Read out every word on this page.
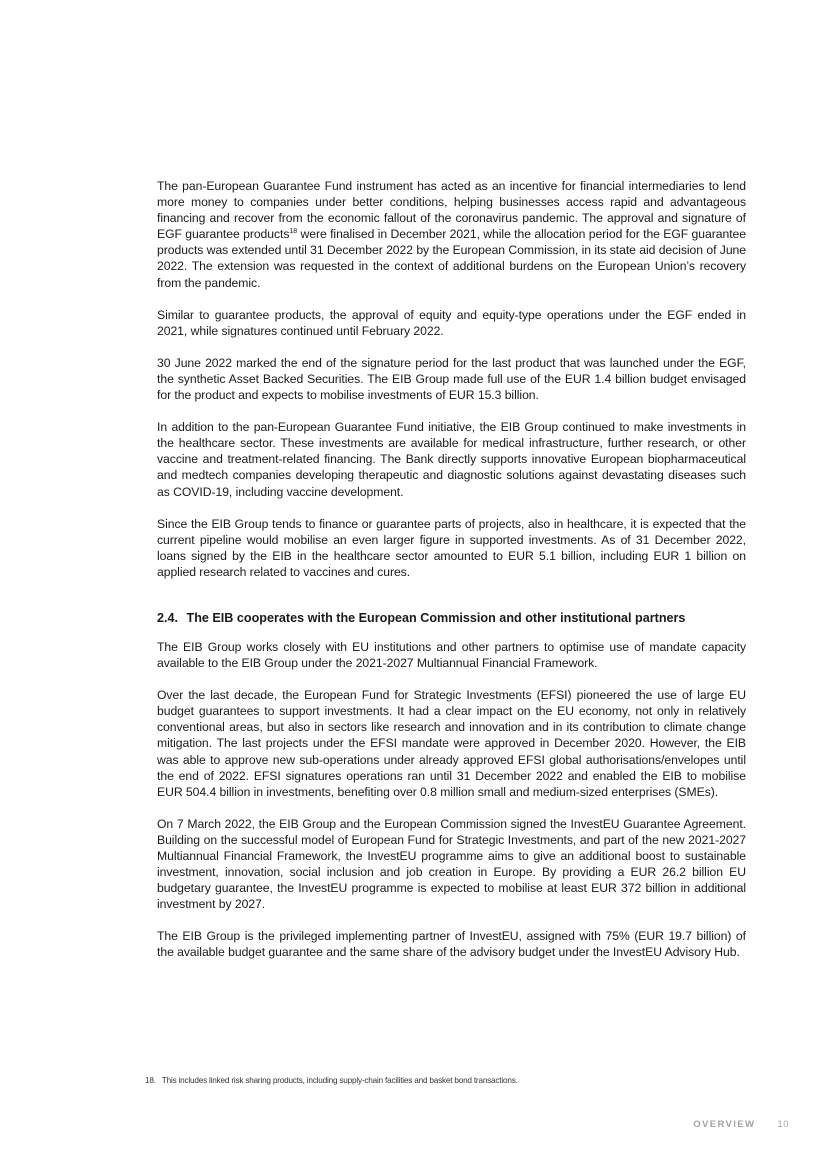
The pan-European Guarantee Fund instrument has acted as an incentive for financial intermediaries to lend more money to companies under better conditions, helping businesses access rapid and advantageous financing and recover from the economic fallout of the coronavirus pandemic. The approval and signature of EGF guarantee products$^{18}$ were finalised in December 2021, while the allocation period for the EGF guarantee products was extended until 31 December 2022 by the European Commission, in its state aid decision of June 2022. The extension was requested in the context of additional burdens on the European Union’s recovery from the pandemic.

Similar to guarantee products, the approval of equity and equity-type operations under the EGF ended in 2021, while signatures continued until February 2022.

30 June 2022 marked the end of the signature period for the last product that was launched under the EGF, the synthetic Asset Backed Securities. The EIB Group made full use of the EUR 1.4 billion budget envisaged for the product and expects to mobilise investments of EUR 15.3 billion.

In addition to the pan-European Guarantee Fund initiative, the EIB Group continued to make investments in the healthcare sector. These investments are available for medical infrastructure, further research, or other vaccine and treatment-related financing. The Bank directly supports innovative European biopharmaceutical and medtech companies developing therapeutic and diagnostic solutions against devastating diseases such as COVID-19, including vaccine development.

Since the EIB Group tends to finance or guarantee parts of projects, also in healthcare, it is expected that the current pipeline would mobilise an even larger figure in supported investments. As of 31 December 2022, loans signed by the EIB in the healthcare sector amounted to EUR 5.1 billion, including EUR 1 billion on applied research related to vaccines and cures.

2.4. The EIB cooperates with the European Commission and other institutional partners

The EIB Group works closely with EU institutions and other partners to optimise use of mandate capacity available to the EIB Group under the 2021-2027 Multiannual Financial Framework.

Over the last decade, the European Fund for Strategic Investments (EFSI) pioneered the use of large EU budget guarantees to support investments. It had a clear impact on the EU economy, not only in relatively conventional areas, but also in sectors like research and innovation and in its contribution to climate change mitigation. The last projects under the EFSI mandate were approved in December 2020. However, the EIB was able to approve new sub-operations under already approved EFSI global authorisations/envelopes until the end of 2022. EFSI signatures operations ran until 31 December 2022 and enabled the EIB to mobilise EUR 504.4 billion in investments, benefiting over 0.8 million small and medium-sized enterprises (SMEs).

On 7 March 2022, the EIB Group and the European Commission signed the InvestEU Guarantee Agreement. Building on the successful model of European Fund for Strategic Investments, and part of the new 2021-2027 Multiannual Financial Framework, the InvestEU programme aims to give an additional boost to sustainable investment, innovation, social inclusion and job creation in Europe. By providing a EUR 26.2 billion EU budgetary guarantee, the InvestEU programme is expected to mobilise at least EUR 372 billion in additional investment by 2027.

The EIB Group is the privileged implementing partner of InvestEU, assigned with 75% (EUR 19.7 billion) of the available budget guarantee and the same share of the advisory budget under the InvestEU Advisory Hub.

18. This includes linked risk sharing products, including supply-chain facilities and basket bond transactions.
OVERVIEW 10
